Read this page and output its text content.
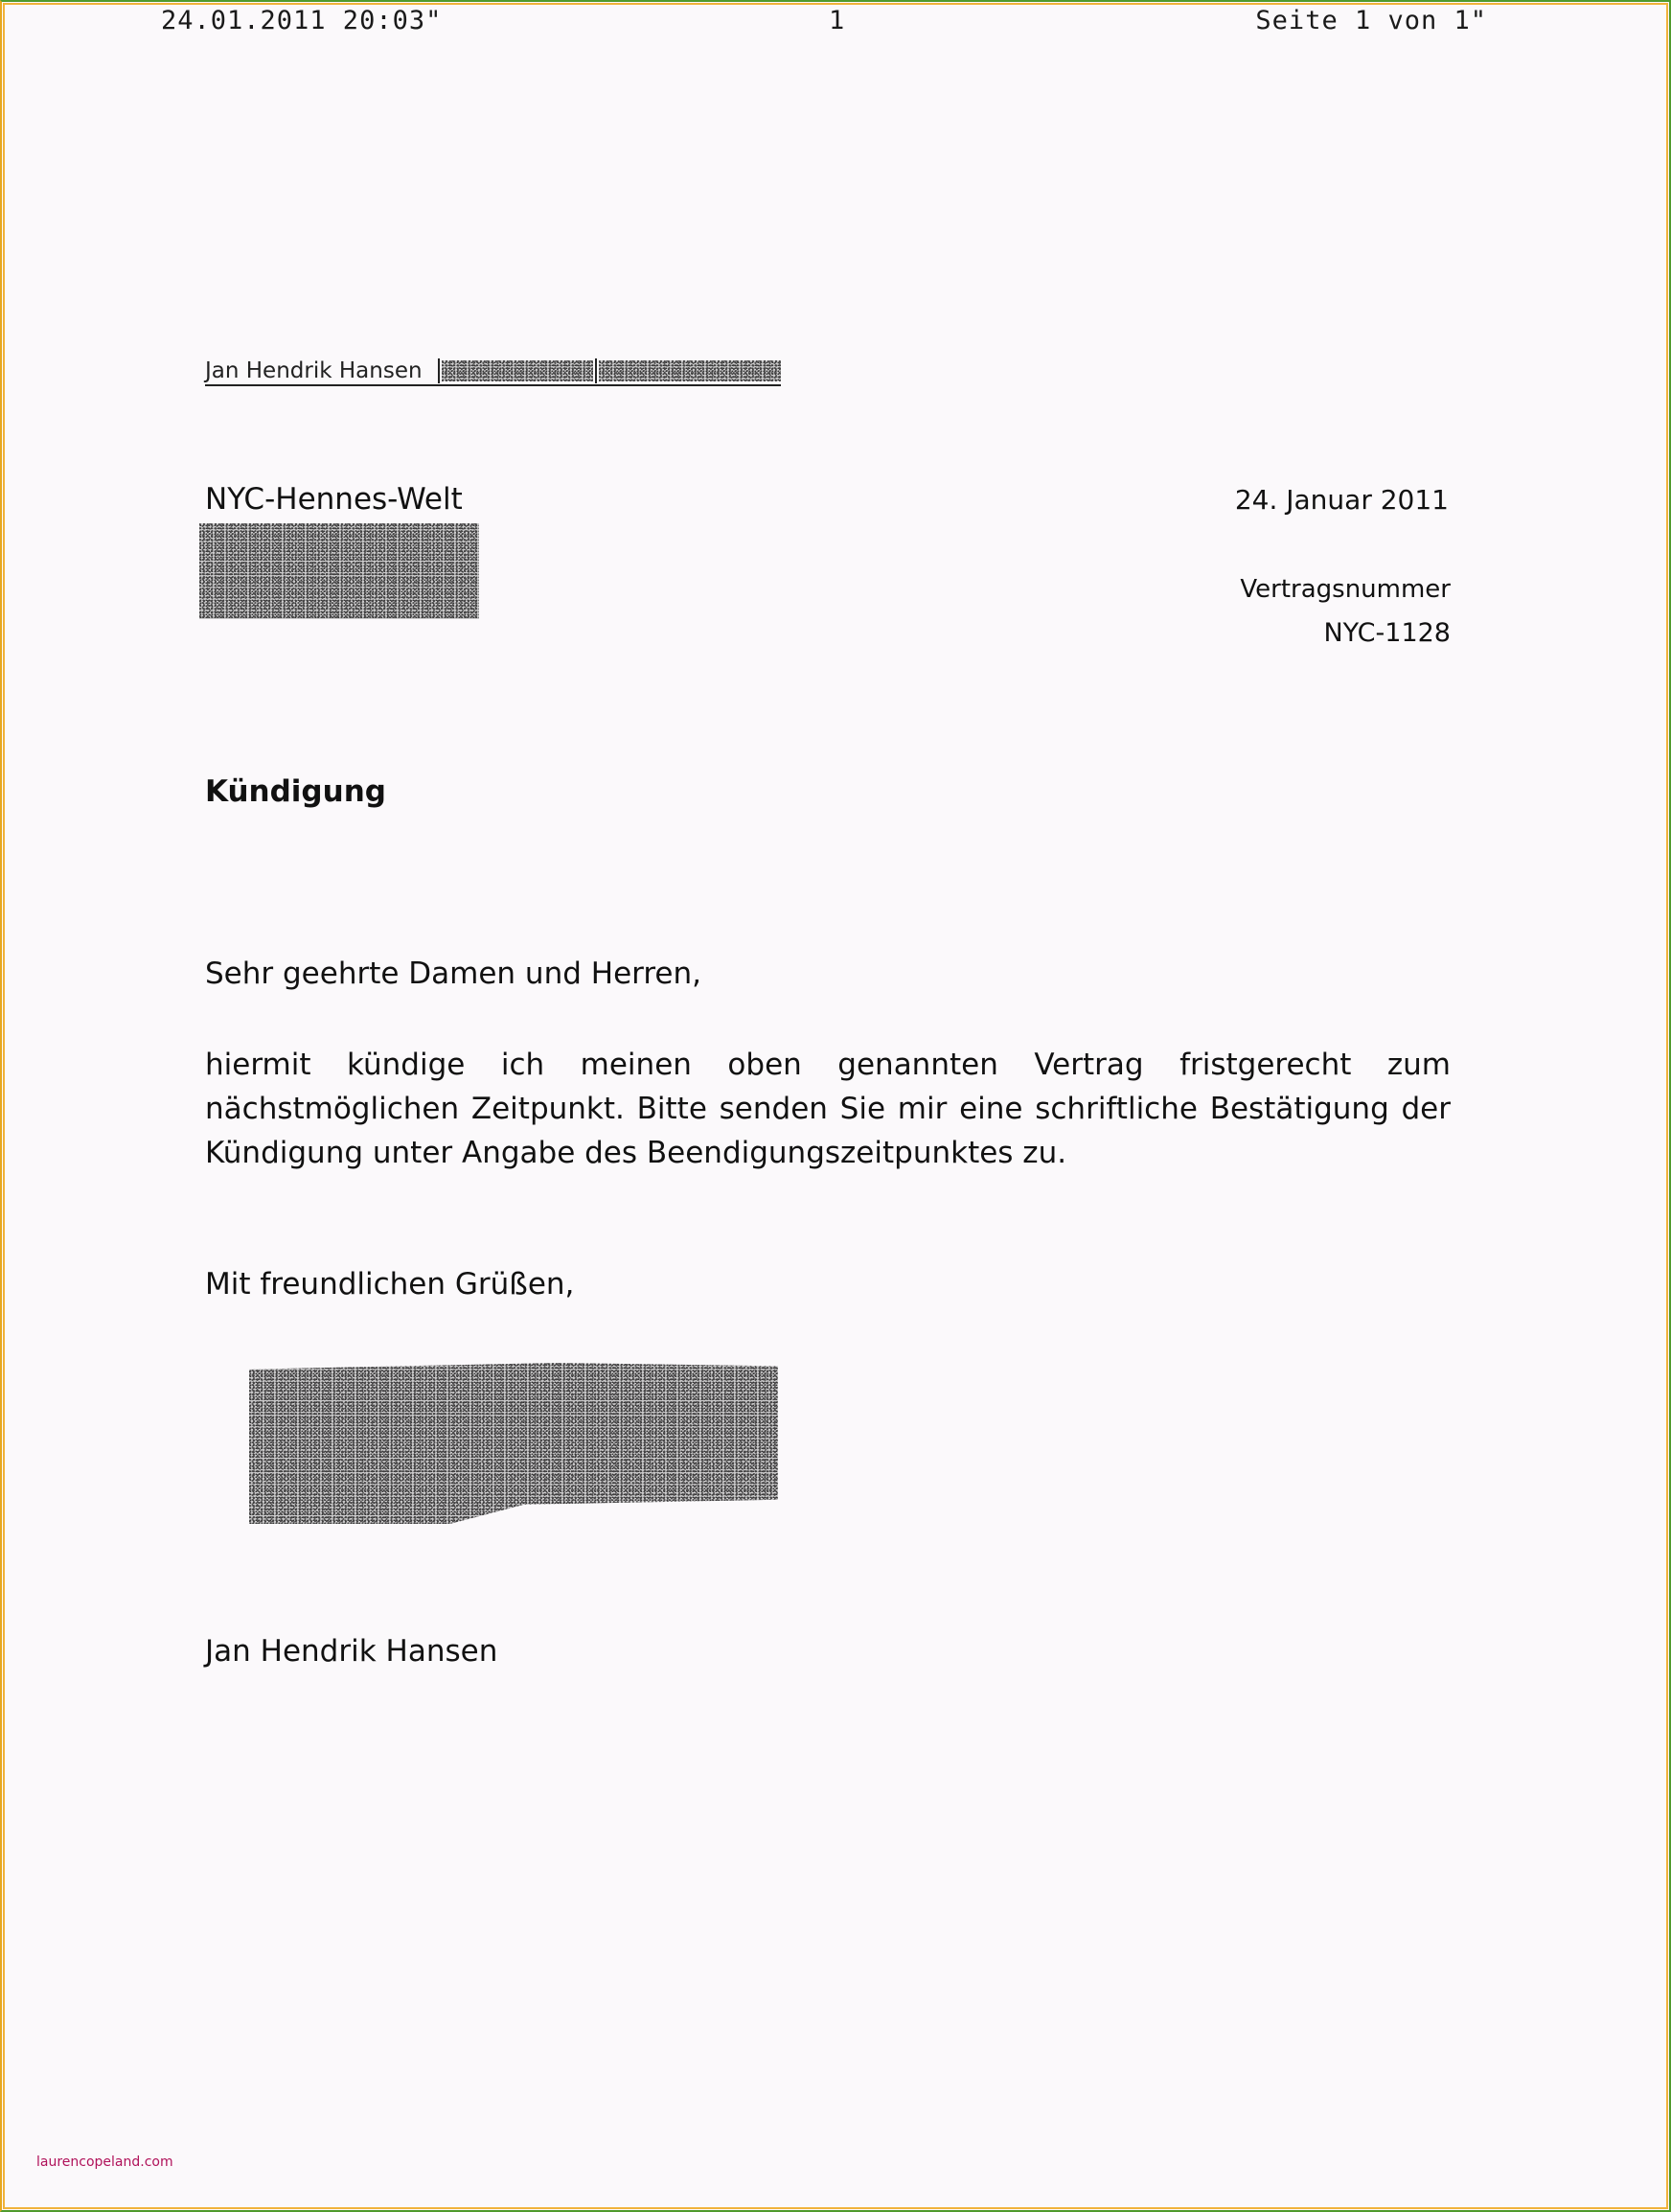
24.01.2011 20:03"	1	Seite 1 von 1"
Jan Hendrik Hansen
NYC-Hennes-Welt	24. Januar 2011
Vertragsnummer
NYC-1128
Kündigung
Sehr geehrte Damen und Herren,
hiermit kündige ich meinen oben genannten Vertrag fristgerecht zum nächstmöglichen Zeitpunkt. Bitte senden Sie mir eine schriftliche Bestätigung der Kündigung unter Angabe des Beendigungszeitpunktes zu.
Mit freundlichen Grüßen,
Jan Hendrik Hansen
laurencopeland.com
